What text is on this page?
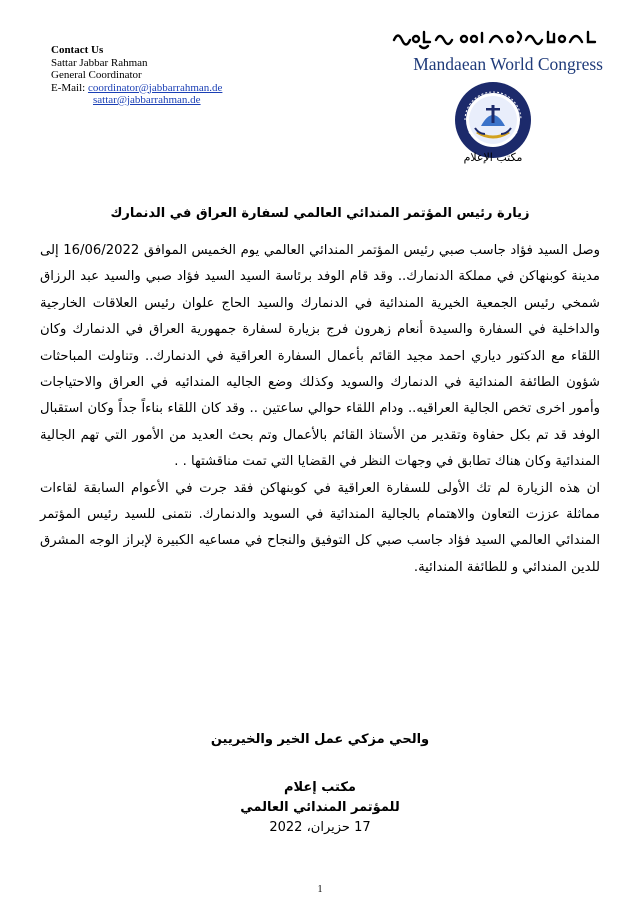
Contact Us
Sattar Jabbar Rahman
General Coordinator
E-Mail: coordinator@jabbarrahman.de
sattar@jabbarrahman.de
Mandaean World Congress
مكتب الإعلام
زيارة رئيس المؤتمر المندائي العالمي لسفارة العراق في الدنمارك

وصل السيد فؤاد جاسب صبي رئيس المؤتمر المندائي العالمي يوم الخميس الموافق 16/06/2022 إلى مدينة كوبنهاكن في مملكة الدنمارك.. وقد قام الوفد برئاسة السيد السيد فؤاد صبي والسيد عبد الرزاق شمخي رئيس الجمعية الخيرية المندائية في الدنمارك والسيد الحاج علوان رئيس العلاقات الخارجية والداخلية في السفارة والسيدة أنعام زهرون فرج بزيارة لسفارة جمهورية العراق في الدنمارك وكان اللقاء مع الدكتور دياري احمد مجيد القائم بأعمال السفارة العراقية في الدنمارك.. وتناولت المباحثات شؤون الطائفة المندائية في الدنمارك والسويد وكذلك وضع الجاليه المندائيه في العراق والاحتياجات وأمور اخرى تخص الجالية العراقيه.. ودام اللقاء حوالي ساعتين .. وقد كان اللقاء بناءاً جداً وكان استقبال الوفد قد تم بكل حفاوة وتقدير من الأستاذ القائم بالأعمال وتم بحث العديد من الأمور التي تهم الجالية المندائية وكان هناك تطابق في وجهات النظر في القضايا التي تمت مناقشتها . .

ان هذه الزيارة لم تك الأولى للسفارة العراقية في كوبنهاكن فقد جرت في الأعوام السابقة لقاءات مماثلة عززت التعاون والاهتمام بالجالية المندائية في السويد والدنمارك. نتمنى للسيد رئيس المؤتمر المندائي العالمي السيد فؤاد جاسب صبي كل التوفيق والنجاح في مساعيه الكبيرة لإبراز الوجه المشرق للدين المندائي و للطائفة المندائية.

والحي مزكي عمل الخير والخيريين
مكتب إعلام
للمؤتمر المندائي العالمي
17 حزيران، 2022
1
